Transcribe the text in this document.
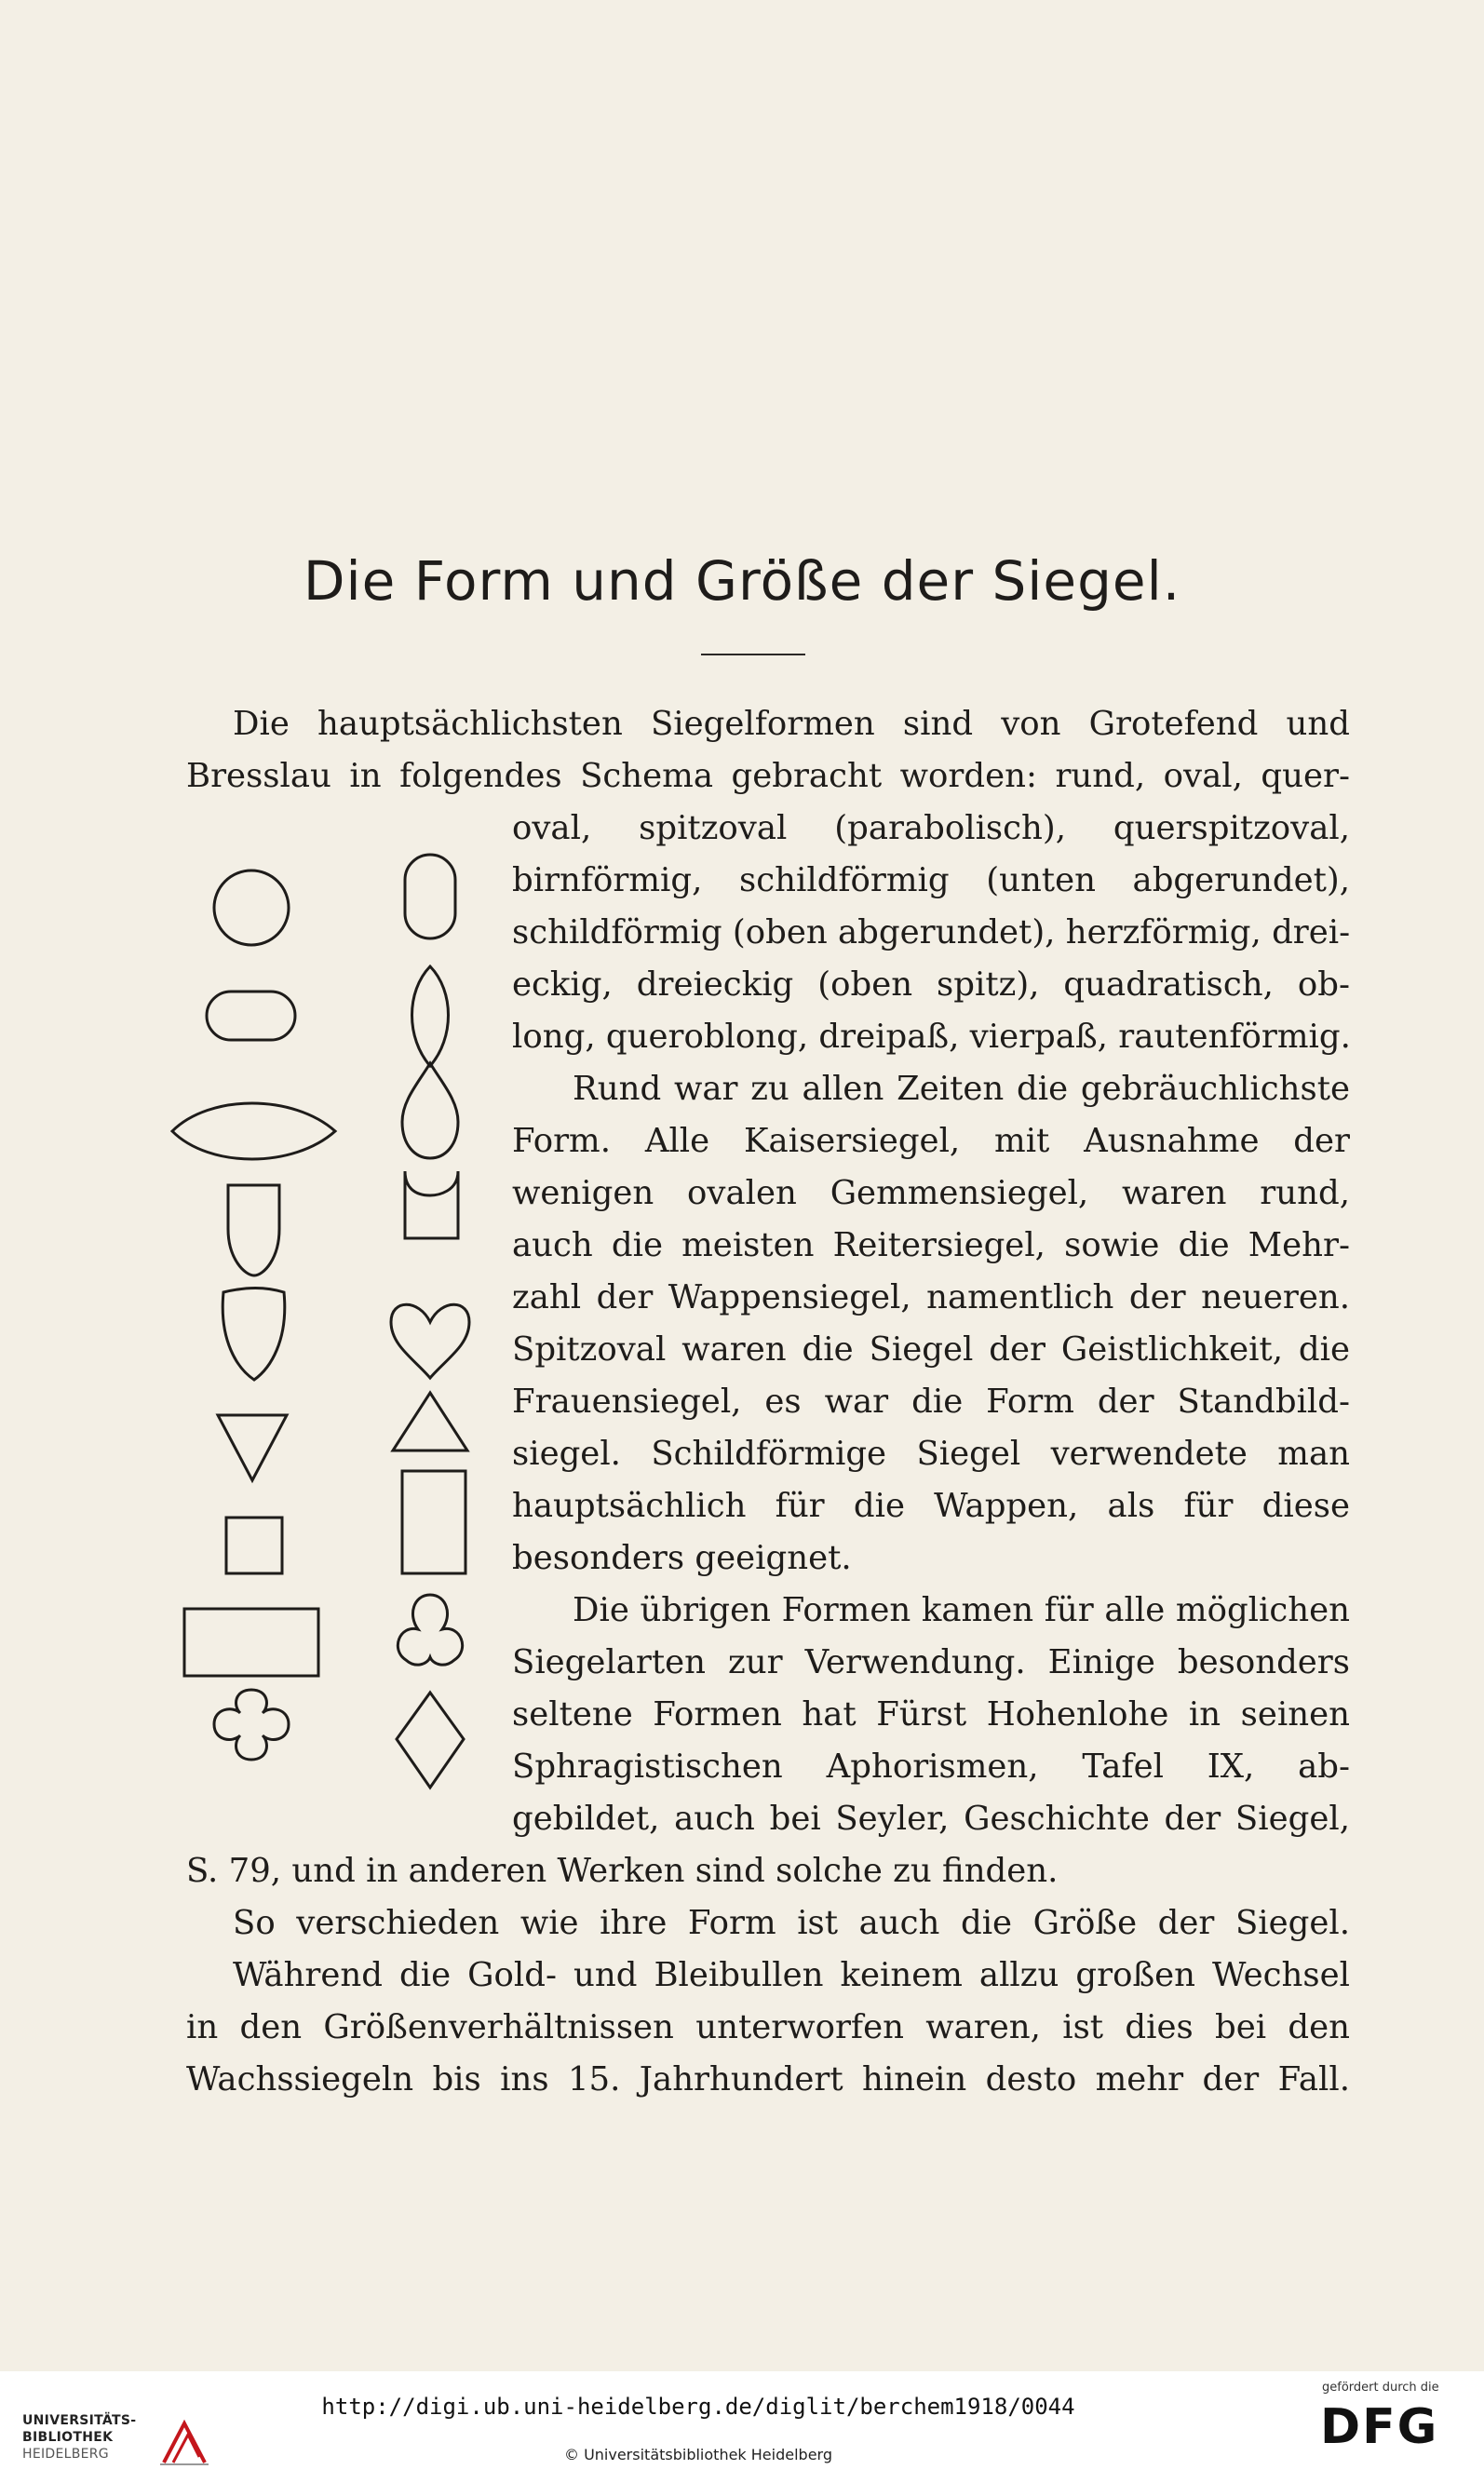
Die Form und Größe der Siegel.
Die hauptsächlichsten Siegelformen sind von Grotefend und
Bresslau in folgendes Schema gebracht worden: rund, oval, quer-
oval, spitzoval (parabolisch), querspitzoval,
birnförmig, schildförmig (unten abgerundet),
schildförmig (oben abgerundet), herzförmig, drei-
eckig, dreieckig (oben spitz), quadratisch, ob-
long, queroblong, dreipaß, vierpaß, rautenförmig.
Rund war zu allen Zeiten die gebräuchlichste
Form. Alle Kaisersiegel, mit Ausnahme der
wenigen ovalen Gemmensiegel, waren rund,
auch die meisten Reitersiegel, sowie die Mehr-
zahl der Wappensiegel, namentlich der neueren.
Spitzoval waren die Siegel der Geistlichkeit, die
Frauensiegel, es war die Form der Standbild-
siegel. Schildförmige Siegel verwendete man
hauptsächlich für die Wappen, als für diese
besonders geeignet.
Die übrigen Formen kamen für alle möglichen
Siegelarten zur Verwendung. Einige besonders
seltene Formen hat Fürst Hohenlohe in seinen
Sphragistischen Aphorismen, Tafel IX, ab-
gebildet, auch bei Seyler, Geschichte der Siegel,
S. 79, und in anderen Werken sind solche zu finden.
So verschieden wie ihre Form ist auch die Größe der Siegel.
Während die Gold- und Bleibullen keinem allzu großen Wechsel
in den Größenverhältnissen unterworfen waren, ist dies bei den
Wachssiegeln bis ins 15. Jahrhundert hinein desto mehr der Fall.
UNIVERSITÄTS-
BIBLIOTHEK
HEIDELBERG
http://digi.ub.uni-heidelberg.de/diglit/berchem1918/0044
© Universitätsbibliothek Heidelberg
gefördert durch die
DFG
